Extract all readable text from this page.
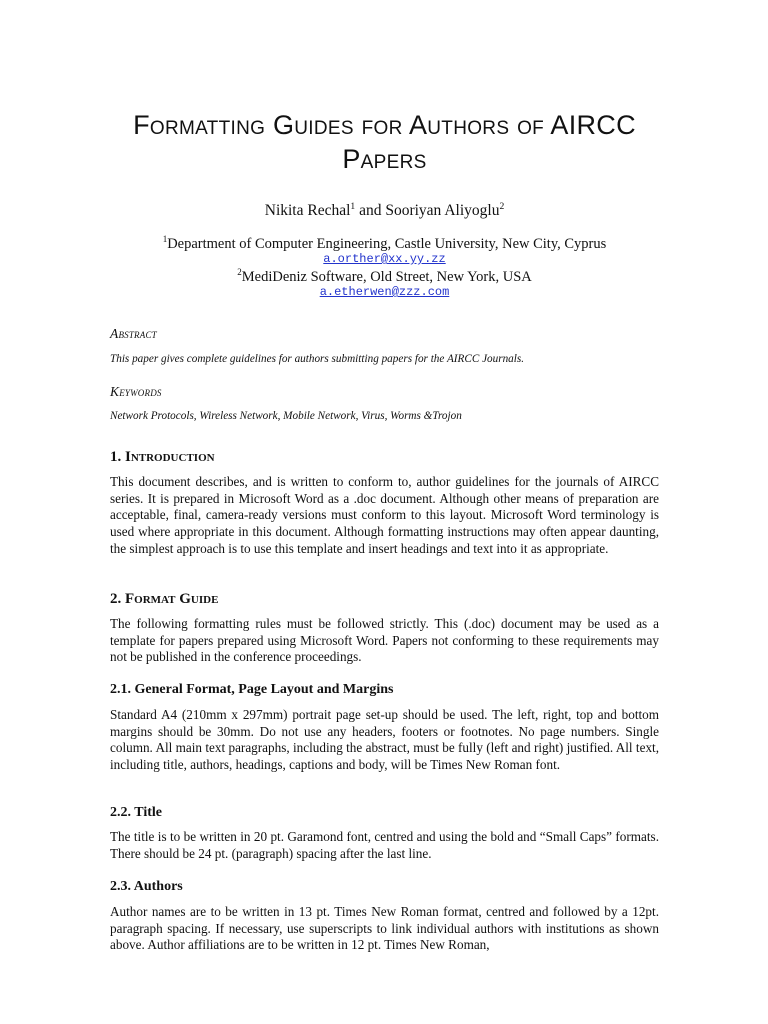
Formatting Guides for Authors of AIRCC
Papers
Nikita Rechal$^1$ and Sooriyan Aliyoglu$^2$
$^1$Department of Computer Engineering, Castle University, New City, Cyprus
a.orther@xx.yy.zz
$^2$MediDeniz Software, Old Street, New York, USA
a.etherwen@zzz.com
Abstract
This paper gives complete guidelines for authors submitting papers for the AIRCC Journals.
Keywords
Network Protocols, Wireless Network, Mobile Network, Virus, Worms &Trojon
1. Introduction
This document describes, and is written to conform to, author guidelines for the journals of AIRCC series. It is prepared in Microsoft Word as a .doc document. Although other means of preparation are acceptable, final, camera-ready versions must conform to this layout. Microsoft Word terminology is used where appropriate in this document. Although formatting instructions may often appear daunting, the simplest approach is to use this template and insert headings and text into it as appropriate.
2. Format Guide
The following formatting rules must be followed strictly. This (.doc) document may be used as a template for papers prepared using Microsoft Word. Papers not conforming to these requirements may not be published in the conference proceedings.
2.1. General Format, Page Layout and Margins
Standard A4 (210mm x 297mm) portrait page set-up should be used. The left, right, top and bottom margins should be 30mm. Do not use any headers, footers or footnotes. No page numbers. Single column. All main text paragraphs, including the abstract, must be fully (left and right) justified. All text, including title, authors, headings, captions and body, will be Times New Roman font.
2.2. Title
The title is to be written in 20 pt. Garamond font, centred and using the bold and “Small Caps” formats. There should be 24 pt. (paragraph) spacing after the last line.
2.3. Authors
Author names are to be written in 13 pt. Times New Roman format, centred and followed by a 12pt. paragraph spacing. If necessary, use superscripts to link individual authors with institutions as shown above. Author affiliations are to be written in 12 pt. Times New Roman,
